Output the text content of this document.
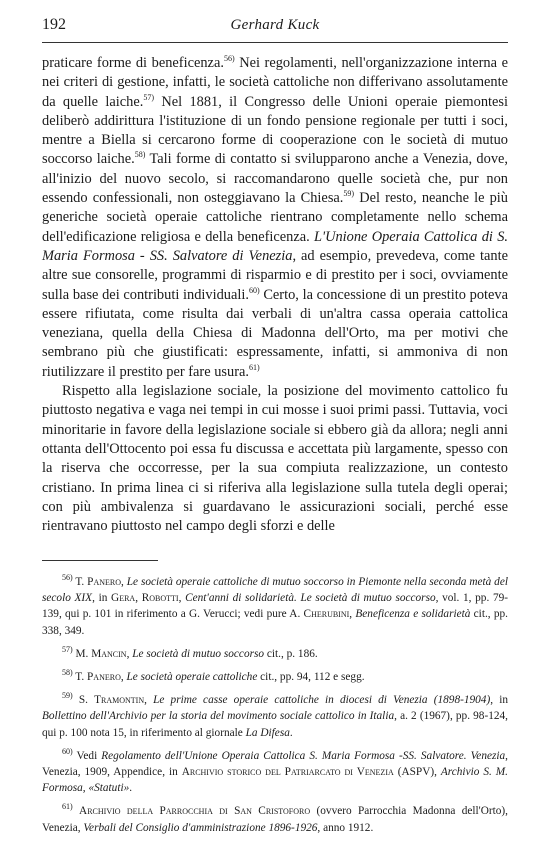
192	Gerhard Kuck

praticare forme di beneficenza.$^{56)}$ Nei regolamenti, nell'organizzazione interna e nei criteri di gestione, infatti, le società cattoliche non differivano assolutamente da quelle laiche.$^{57)}$ Nel 1881, il Congresso delle Unioni operaie piemontesi deliberò addirittura l'istituzione di un fondo pensione regionale per tutti i soci, mentre a Biella si cercarono forme di cooperazione con le società di mutuo soccorso laiche.$^{58)}$ Tali forme di contatto si svilupparono anche a Venezia, dove, all'inizio del nuovo secolo, si raccomandarono quelle società che, pur non essendo confessionali, non osteggiavano la Chiesa.$^{59)}$ Del resto, neanche le più generiche società operaie cattoliche rientrano completamente nello schema dell'edificazione religiosa e della beneficenza. L'Unione Operaia Cattolica di S. Maria Formosa - SS. Salvatore di Venezia, ad esempio, prevedeva, come tante altre sue consorelle, programmi di risparmio e di prestito per i soci, ovviamente sulla base dei contributi individuali.$^{60)}$ Certo, la concessione di un prestito poteva essere rifiutata, come risulta dai verbali di un'altra cassa operaia cattolica veneziana, quella della Chiesa di Madonna dell'Orto, ma per motivi che sembrano più che giustificati: espressamente, infatti, si ammoniva di non riutilizzare il prestito per fare usura.$^{61)}$

Rispetto alla legislazione sociale, la posizione del movimento cattolico fu piuttosto negativa e vaga nei tempi in cui mosse i suoi primi passi. Tuttavia, voci minoritarie in favore della legislazione sociale si ebbero già da allora; negli anni ottanta dell'Ottocento poi essa fu discussa e accettata più largamente, spesso con la riserva che occorresse, per la sua compiuta realizzazione, un contesto cristiano. In prima linea ci si riferiva alla legislazione sulla tutela degli operai; con più ambivalenza si guardavano le assicurazioni sociali, perché esse rientravano piuttosto nel campo degli sforzi e delle

$^{56)}$ T. Panero, Le società operaie cattoliche di mutuo soccorso in Piemonte nella seconda metà del secolo XIX, in Gera, Robotti, Cent'anni di solidarietà. Le società di mutuo soccorso, vol. 1, pp. 79-139, qui p. 101 in riferimento a G. Verucci; vedi pure A. Cherubini, Beneficenza e solidarietà cit., pp. 338, 349.

$^{57)}$ M. Mancin, Le società di mutuo soccorso cit., p. 186.

$^{58)}$ T. Panero, Le società operaie cattoliche cit., pp. 94, 112 e segg.

$^{59)}$ S. Tramontin, Le prime casse operaie cattoliche in diocesi di Venezia (1898-1904), in Bollettino dell'Archivio per la storia del movimento sociale cattolico in Italia, a. 2 (1967), pp. 98-124, qui p. 100 nota 15, in riferimento al giornale La Difesa.

$^{60)}$ Vedi Regolamento dell'Unione Operaia Cattolica S. Maria Formosa -SS. Salvatore. Venezia, Venezia, 1909, Appendice, in Archivio storico del Patriarcato di Venezia (ASPV), Archivio S. M. Formosa, «Statuti».

$^{61)}$ Archivio della Parrocchia di San Cristoforo (ovvero Parrocchia Madonna dell'Orto), Venezia, Verbali del Consiglio d'amministrazione 1896-1926, anno 1912.
